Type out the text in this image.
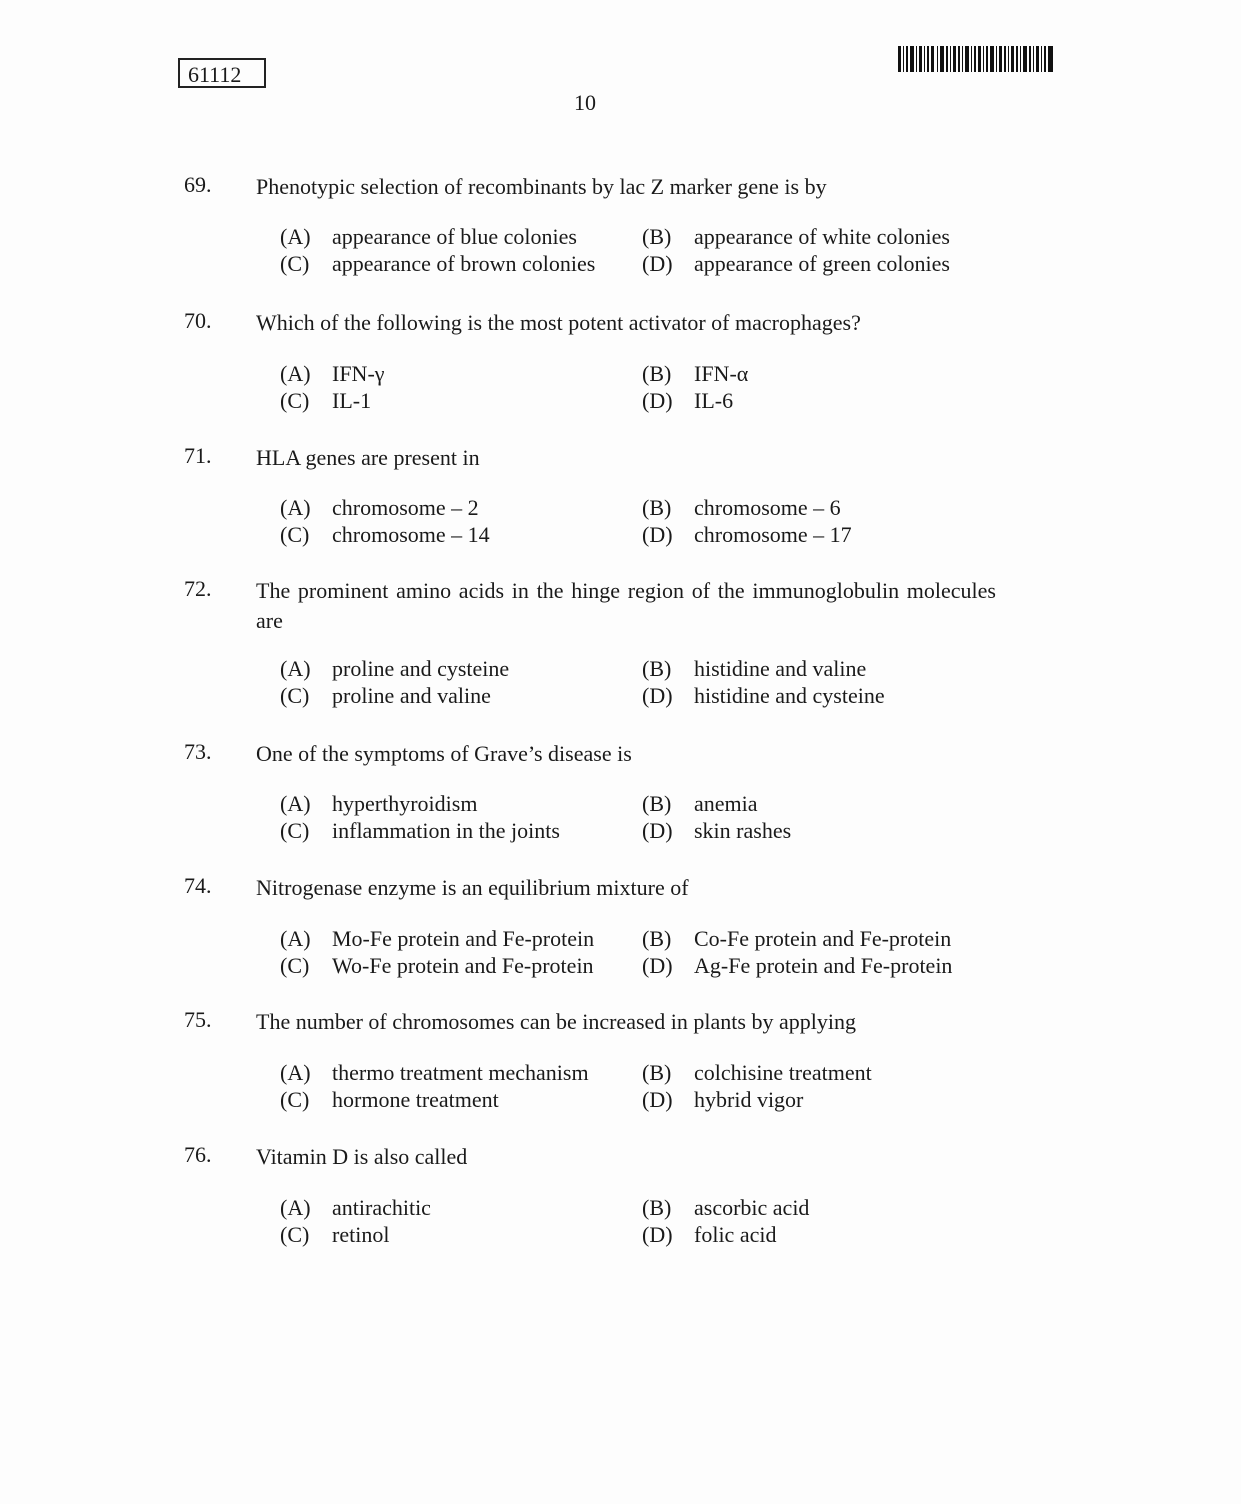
61112
10
69. Phenotypic selection of recombinants by lac Z marker gene is by
(A) appearance of blue colonies	(B) appearance of white colonies
(C) appearance of brown colonies (D) appearance of green colonies
70. Which of the following is the most potent activator of macrophages?
(A) IFN-γ	(B) IFN-α
(C) IL-1	(D) IL-6
71. HLA genes are present in
(A) chromosome – 2	(B) chromosome – 6
(C) chromosome – 14	(D) chromosome – 17
72. The prominent amino acids in the hinge region of the immunoglobulin molecules are
(A) proline and cysteine	(B) histidine and valine
(C) proline and valine	(D) histidine and cysteine
73. One of the symptoms of Grave’s disease is
(A) hyperthyroidism	(B) anemia
(C) inflammation in the joints	(D) skin rashes
74. Nitrogenase enzyme is an equilibrium mixture of
(A) Mo-Fe protein and Fe-protein (B) Co-Fe protein and Fe-protein
(C) Wo-Fe protein and Fe-protein (D) Ag-Fe protein and Fe-protein
75. The number of chromosomes can be increased in plants by applying
(A) thermo treatment mechanism (B) colchisine treatment
(C) hormone treatment	(D) hybrid vigor
76. Vitamin D is also called
(A) antirachitic	(B) ascorbic acid
(C) retinol	(D) folic acid
